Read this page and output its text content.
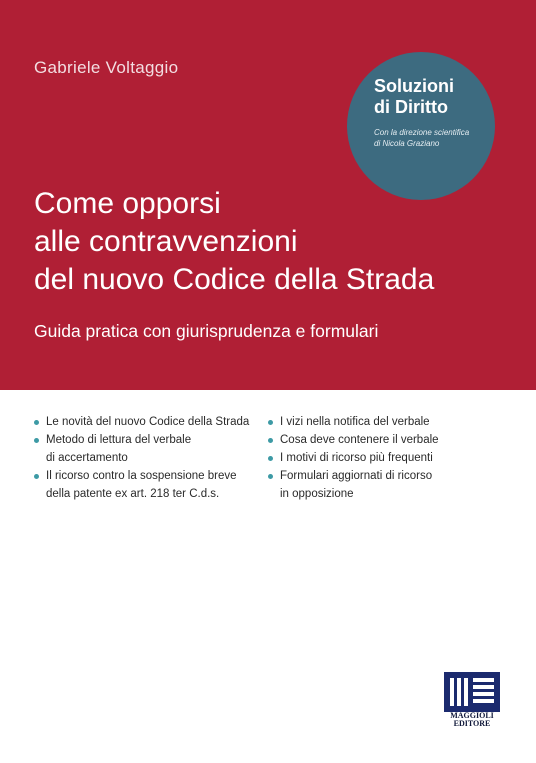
Gabriele Voltaggio
Soluzioni
di Diritto
Con la direzione scientifica
di Nicola Graziano
Come opporsi
alle contravvenzioni
del nuovo Codice della Strada
Guida pratica con giurisprudenza e formulari
Le novità del nuovo Codice della Strada
Metodo di lettura del verbale
di accertamento
Il ricorso contro la sospensione breve
della patente ex art. 218 ter C.d.s.
I vizi nella notifica del verbale
Cosa deve contenere il verbale
I motivi di ricorso più frequenti
Formulari aggiornati di ricorso
in opposizione
MAGGIOLI
EDITORE
